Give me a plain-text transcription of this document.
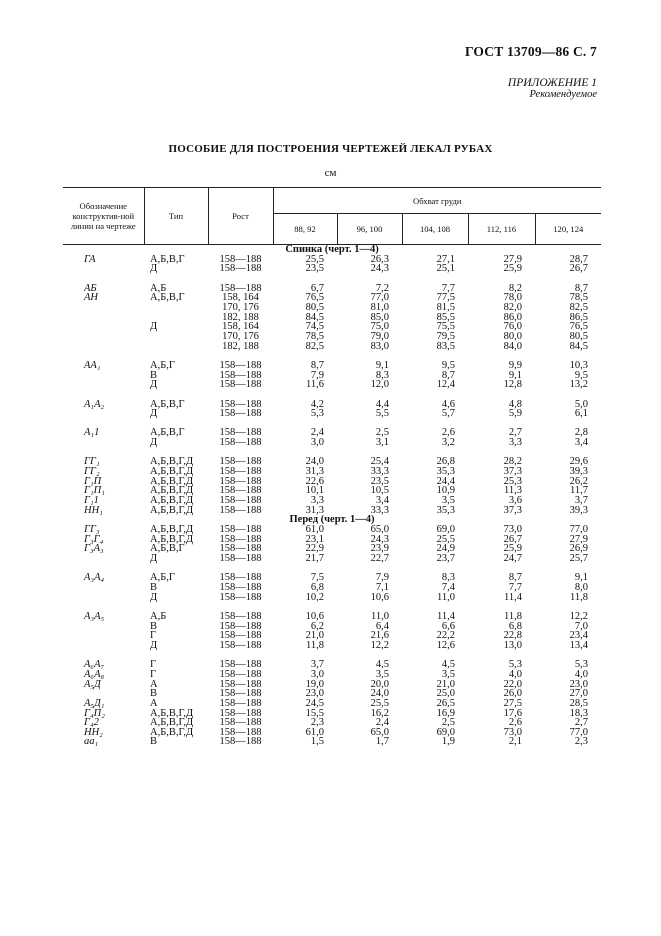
ГОСТ 13709—86 С. 7
ПРИЛОЖЕНИЕ 1
Рекомендуемое
ПОСОБИЕ ДЛЯ ПОСТРОЕНИЯ ЧЕРТЕЖЕЙ ЛЕКАЛ РУБАХ
см
Обозначение конструктив-ной линии на чертеже	Тип	Рост	Обхват груди				
			88, 92	96, 100	104, 108	112, 116	120, 124
Спинка (черт. 1—4)							
ГА	А,Б,В,Г	158—188	25,5	26,3	27,1	27,9	28,7
	Д	158—188	23,5	24,3	25,1	25,9	26,7

АБ	А,Б	158—188	6,7	7,2	7,7	8,2	8,7
АН	А,Б,В,Г	158, 164	76,5	77,0	77,5	78,0	78,5
		170, 176	80,5	81,0	81,5	82,0	82,5
		182, 188	84,5	85,0	85,5	86,0	86,5
	Д	158, 164	74,5	75,0	75,5	76,0	76,5
		170, 176	78,5	79,0	79,5	80,0	80,5
		182, 188	82,5	83,0	83,5	84,0	84,5

АА₁	А,Б,Г	158—188	8,7	9,1	9,5	9,9	10,3
	В	158—188	7,9	8,3	8,7	9,1	9,5
	Д	158—188	11,6	12,0	12,4	12,8	13,2

А₁А₂	А,Б,В,Г	158—188	4,2	4,4	4,6	4,8	5,0
	Д	158—188	5,3	5,5	5,7	5,9	6,1

А₁1	А,Б,В,Г	158—188	2,4	2,5	2,6	2,7	2,8
	Д	158—188	3,0	3,1	3,2	3,3	3,4

ГГ₁	А,Б,В,Г,Д	158—188	24,0	25,4	26,8	28,2	29,6
ГГ₂	А,Б,В,Г,Д	158—188	31,3	33,3	35,3	37,3	39,3
Г₁П	А,Б,В,Г,Д	158—188	22,6	23,5	24,4	25,3	26,2
Г₁П₁	А,Б,В,Г,Д	158—188	10,1	10,5	10,9	11,3	11,7
Г₁1	А,Б,В,Г,Д	158—188	3,3	3,4	3,5	3,6	3,7
НН₁	А,Б,В,Г,Д	158—188	31,3	33,3	35,3	37,3	39,3
Перед (черт. 1—4)							
ГГ₃	А,Б,В,Г,Д	158—188	61,0	65,0	69,0	73,0	77,0
Г₃Г₄	А,Б,В,Г,Д	158—188	23,1	24,3	25,5	26,7	27,9
Г₃А₃	А,Б,В,Г	158—188	22,9	23,9	24,9	25,9	26,9
	Д	158—188	21,7	22,7	23,7	24,7	25,7

А₃А₄	А,Б,Г	158—188	7,5	7,9	8,3	8,7	9,1
	В	158—188	6,8	7,1	7,4	7,7	8,0
	Д	158—188	10,2	10,6	11,0	11,4	11,8

А₃А₅	А,Б	158—188	10,6	11,0	11,4	11,8	12,2
	В	158—188	6,2	6,4	6,6	6,8	7,0
	Г	158—188	21,0	21,6	22,2	22,8	23,4
	Д	158—188	11,8	12,2	12,6	13,0	13,4

А₆А₇	Г	158—188	3,7	4,5	4,5	5,3	5,3
А₆А₈	Г	158—188	3,0	3,5	3,5	4,0	4,0
А₅Д	А	158—188	19,0	20,0	21,0	22,0	23,0
	В	158—188	23,0	24,0	25,0	26,0	27,0
А₅Д₁	А	158—188	24,5	25,5	26,5	27,5	28,5
Г₄П₂	А,Б,В,Г,Д	158—188	15,5	16,2	16,9	17,6	18,3
Г₄2	А,Б,В,Г,Д	158—188	2,3	2,4	2,5	2,6	2,7
НН₂	А,Б,В,Г,Д	158—188	61,0	65,0	69,0	73,0	77,0
аа₁	В	158—188	1,5	1,7	1,9	2,1	2,3
